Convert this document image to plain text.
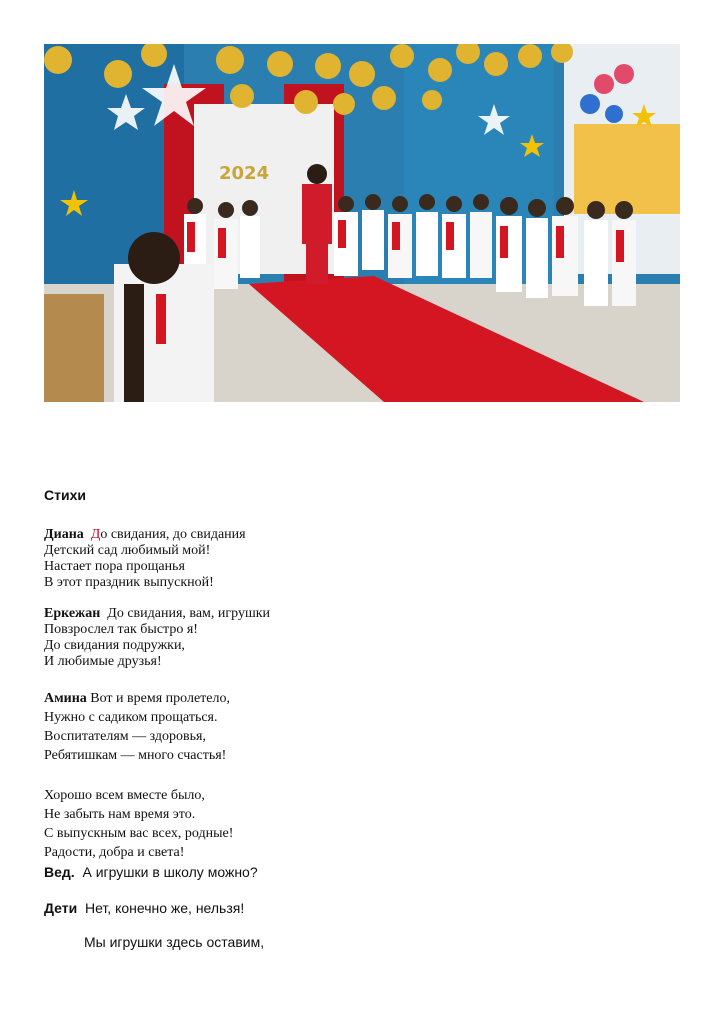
2024
Стихи
Диана До свидания, до свидания
Детский сад любимый мой!
Настает пора прощанья
В этот праздник выпускной!
Еркежан До свидания, вам, игрушки
Повзрослел так быстро я!
До свидания подружки,
И любимые друзья!
Амина Вот и время пролетело,
Нужно с садиком прощаться.
Воспитателям — здоровья,
Ребятишкам — много счастья!
Хорошо всем вместе было,
Не забыть нам время это.
С выпускным вас всех, родные!
Радости, добра и света!
Вед. А игрушки в школу можно?
Дети Нет, конечно же, нельзя!
Мы игрушки здесь оставим,
